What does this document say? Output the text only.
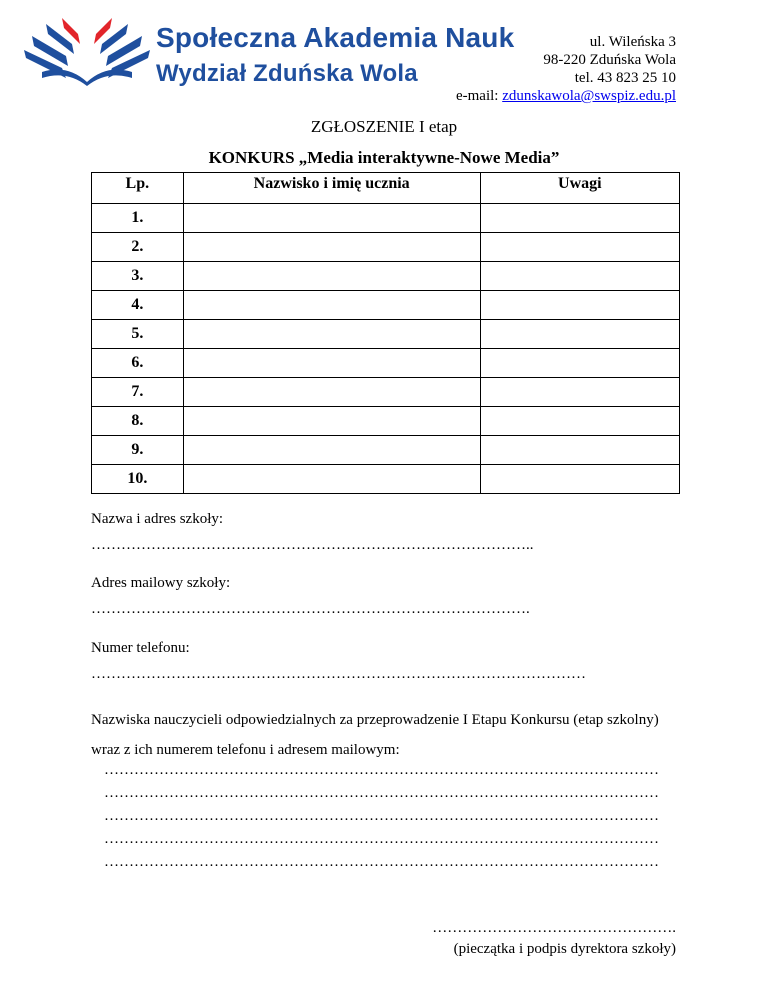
Społeczna Akademia Nauk
Wydział Zduńska Wola
ul. Wileńska 3
98-220 Zduńska Wola
tel. 43 823 25 10
e-mail: zdunskawola@swspiz.edu.pl
ZGŁOSZENIE I etap
KONKURS „Media interaktywne-Nowe Media”
Lp.	Nazwisko i imię ucznia	Uwagi
1.		
2.		
3.		
4.		
5.		
6.		
7.		
8.		
9.		
10.		
Nazwa i adres szkoły:
……………………………………………………………………………..
Adres mailowy szkoły:
…………………………………………………………………………….
Numer telefonu:
………………………………………………………………………………………
Nazwiska nauczycieli odpowiedzialnych za przeprowadzenie I Etapu Konkursu (etap szkolny) wraz z ich numerem telefonu i adresem mailowym:
…………………………………………………………………………………………………
…………………………………………………………………………………………………
…………………………………………………………………………………………………
…………………………………………………………………………………………………
…………………………………………………………………………………………………
………………………………………….
(pieczątka i podpis dyrektora szkoły)
